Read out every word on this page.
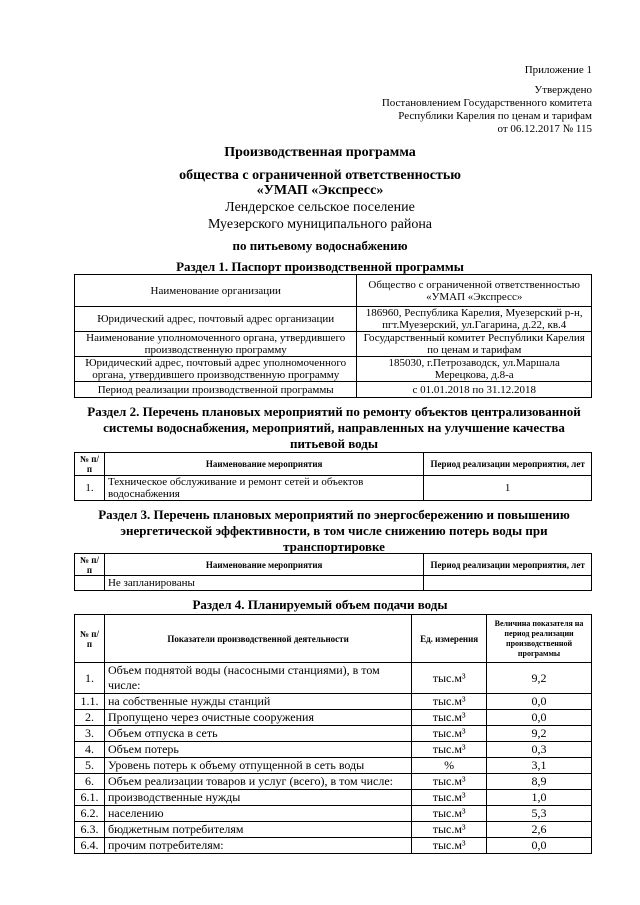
Приложение 1
Утверждено
Постановлением Государственного комитета
Республики Карелия по ценам и тарифам
от 06.12.2017 № 115
Производственная программа
общества с ограниченной ответственностью
«УМАП «Экспресс»
Лендерское сельское поселение
Муезерского муниципального района
по питьевому водоснабжению
Раздел 1. Паспорт производственной программы
Наименование организации	Общество с ограниченной ответственностью «УМАП «Экспресс»
Юридический адрес, почтовый адрес организации	186960, Республика Карелия, Муезерский р-н, пгт.Муезерский, ул.Гагарина, д.22, кв.4
Наименование уполномоченного органа, утвердившего производственную программу	Государственный комитет Республики Карелия по ценам и тарифам
Юридический адрес, почтовый адрес уполномоченного органа, утвердившего производственную программу	185030, г.Петрозаводск, ул.Маршала Мерецкова, д.8-а
Период реализации производственной программы	с 01.01.2018 по 31.12.2018
Раздел 2. Перечень плановых мероприятий по ремонту объектов централизованной системы водоснабжения, мероприятий, направленных на улучшение качества питьевой воды
№ п/п	Наименование мероприятия	Период реализации мероприятия, лет
1.	Техническое обслуживание и ремонт сетей и объектов водоснабжения	1
Раздел 3. Перечень плановых мероприятий по энергосбережению и повышению энергетической эффективности, в том числе снижению потерь воды при транспортировке
№ п/п	Наименование мероприятия	Период реализации мероприятия, лет
	Не запланированы	
Раздел 4. Планируемый объем подачи воды
№ п/п	Показатели производственной деятельности	Ед. измерения	Величина показателя на период реализации производственной программы
1.	Объем поднятой воды (насосными станциями), в том числе:	тыс.м³	9,2
1.1.	на собственные нужды станций	тыс.м³	0,0
2.	Пропущено через очистные сооружения	тыс.м³	0,0
3.	Объем отпуска в сеть	тыс.м³	9,2
4.	Объем потерь	тыс.м³	0,3
5.	Уровень потерь к объему отпущенной в сеть воды	%	3,1
6.	Объем реализации товаров и услуг (всего), в том числе:	тыс.м³	8,9
6.1.	производственные нужды	тыс.м³	1,0
6.2.	населению	тыс.м³	5,3
6.3.	бюджетным потребителям	тыс.м³	2,6
6.4.	прочим потребителям:	тыс.м³	0,0
